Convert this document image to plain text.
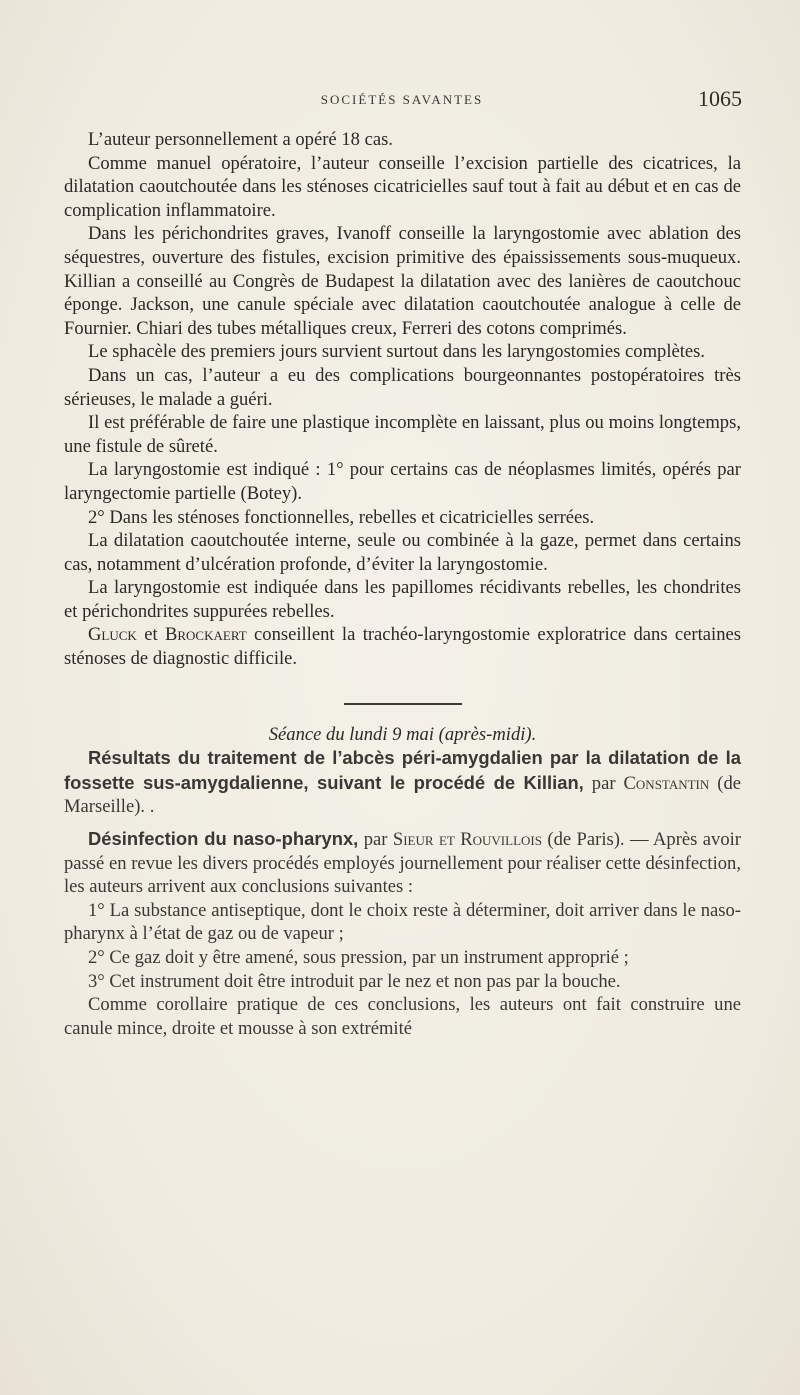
SOCIÉTÉS SAVANTES	1065

L’auteur personnellement a opéré 18 cas.

Comme manuel opératoire, l’auteur conseille l’excision partielle des cicatrices, la dilatation caoutchoutée dans les sténoses cicatricielles sauf tout à fait au début et en cas de complication inflammatoire.

Dans les périchondrites graves, Ivanoff conseille la laryngostomie avec ablation des séquestres, ouverture des fistules, excision primitive des épaississements sous-muqueux. Killian a conseillé au Congrès de Budapest la dilatation avec des lanières de caoutchouc éponge. Jackson, une canule spéciale avec dilatation caoutchoutée analogue à celle de Fournier. Chiari des tubes métalliques creux, Ferreri des cotons comprimés.

Le sphacèle des premiers jours survient surtout dans les laryngostomies complètes.

Dans un cas, l’auteur a eu des complications bourgeonnantes postopératoires très sérieuses, le malade a guéri.

Il est préférable de faire une plastique incomplète en laissant, plus ou moins longtemps, une fistule de sûreté.

La laryngostomie est indiqué : 1° pour certains cas de néoplasmes limités, opérés par laryngectomie partielle (Botey).

2° Dans les sténoses fonctionnelles, rebelles et cicatricielles serrées.

La dilatation caoutchoutée interne, seule ou combinée à la gaze, permet dans certains cas, notamment d’ulcération profonde, d’éviter la laryngostomie.

La laryngostomie est indiquée dans les papillomes récidivants rebelles, les chondrites et périchondrites suppurées rebelles.

Gluck et Brockaert conseillent la trachéo-laryngostomie exploratrice dans certaines sténoses de diagnostic difficile.

Séance du lundi 9 mai (après-midi).

Résultats du traitement de l’abcès péri-amygdalien par la dilatation de la fossette sus-amygdalienne, suivant le procédé de Killian, par Constantin (de Marseille). .

Désinfection du naso-pharynx, par Sieur et Rouvillois (de Paris). — Après avoir passé en revue les divers procédés employés journellement pour réaliser cette désinfection, les auteurs arrivent aux conclusions suivantes :

1° La substance antiseptique, dont le choix reste à déterminer, doit arriver dans le naso-pharynx à l’état de gaz ou de vapeur ;

2° Ce gaz doit y être amené, sous pression, par un instrument approprié ;

3° Cet instrument doit être introduit par le nez et non pas par la bouche.

Comme corollaire pratique de ces conclusions, les auteurs ont fait construire une canule mince, droite et mousse à son extrémité
